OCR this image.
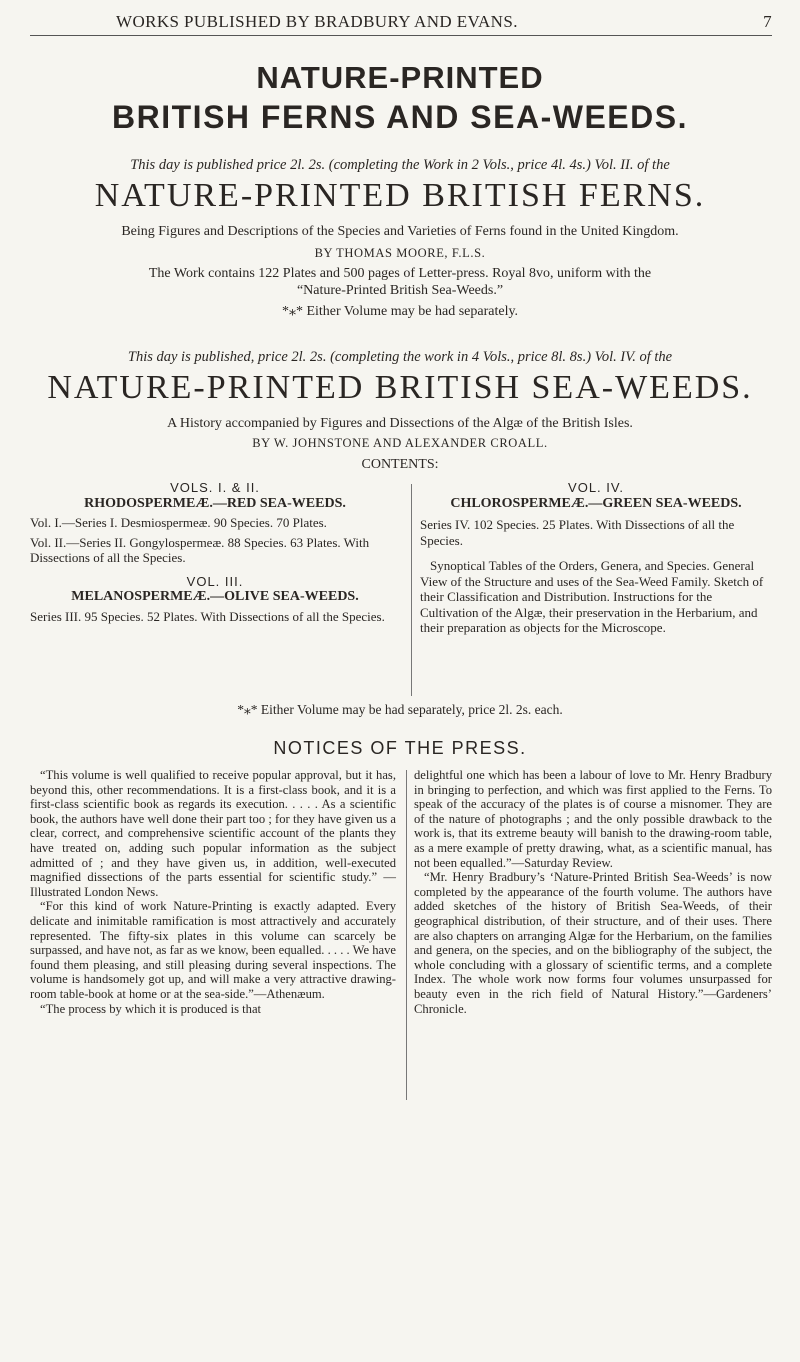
WORKS PUBLISHED BY BRADBURY AND EVANS.	7
NATURE-PRINTED
BRITISH FERNS AND SEA-WEEDS.
This day is published price 2l. 2s. (completing the Work in 2 Vols., price 4l. 4s.) Vol. II. of the
NATURE-PRINTED BRITISH FERNS.
Being Figures and Descriptions of the Species and Varieties of Ferns found in the United Kingdom.
BY THOMAS MOORE, F.L.S.
The Work contains 122 Plates and 500 pages of Letter-press. Royal 8vo, uniform with the
“Nature-Printed British Sea-Weeds.”
*⁎* Either Volume may be had separately.
This day is published, price 2l. 2s. (completing the work in 4 Vols., price 8l. 8s.) Vol. IV. of the
NATURE-PRINTED BRITISH SEA-WEEDS.
A History accompanied by Figures and Dissections of the Algæ of the British Isles.
BY W. JOHNSTONE AND ALEXANDER CROALL.
CONTENTS:

VOLS. I. & II.

RHODOSPERMEÆ.—RED SEA-WEEDS.

Vol. I.—Series I. Desmiospermeæ. 90 Species. 70 Plates.

Vol. II.—Series II. Gongylospermeæ. 88 Species. 63 Plates. With Dissections of all the Species.

VOL. III.

MELANOSPERMEÆ.—OLIVE SEA-WEEDS.

Series III. 95 Species. 52 Plates. With Dissections of all the Species.

VOL. IV.

CHLOROSPERMEÆ.—GREEN SEA-WEEDS.

Series IV. 102 Species. 25 Plates. With Dissections of all the Species.

Synoptical Tables of the Orders, Genera, and Species. General View of the Structure and uses of the Sea-Weed Family. Sketch of their Classification and Distribution. Instructions for the Cultivation of the Algæ, their preservation in the Herbarium, and their preparation as objects for the Microscope.

*⁎* Either Volume may be had separately, price 2l. 2s. each.
NOTICES OF THE PRESS.

“This volume is well qualified to receive popular approval, but it has, beyond this, other recommendations. It is a first-class book, and it is a first-class scientific book as regards its execution. . . . . As a scientific book, the authors have well done their part too ; for they have given us a clear, correct, and comprehensive scientific account of the plants they have treated on, adding such popular information as the subject admitted of ; and they have given us, in addition, well-executed magnified dissections of the parts essential for scientific study.” —Illustrated London News.

“For this kind of work Nature-Printing is exactly adapted. Every delicate and inimitable ramification is most attractively and accurately represented. The fifty-six plates in this volume can scarcely be surpassed, and have not, as far as we know, been equalled. . . . . We have found them pleasing, and still pleasing during several inspections. The volume is handsomely got up, and will make a very attractive drawing-room table-book at home or at the sea-side.”—Athenæum.

“The process by which it is produced is that

delightful one which has been a labour of love to Mr. Henry Bradbury in bringing to perfection, and which was first applied to the Ferns. To speak of the accuracy of the plates is of course a misnomer. They are of the nature of photographs ; and the only possible drawback to the work is, that its extreme beauty will banish to the drawing-room table, as a mere example of pretty drawing, what, as a scientific manual, has not been equalled.”—Saturday Review.

“Mr. Henry Bradbury’s ‘Nature-Printed British Sea-Weeds’ is now completed by the appearance of the fourth volume. The authors have added sketches of the history of British Sea-Weeds, of their geographical distribution, of their structure, and of their uses. There are also chapters on arranging Algæ for the Herbarium, on the families and genera, on the species, and on the bibliography of the subject, the whole concluding with a glossary of scientific terms, and a complete Index. The whole work now forms four volumes unsurpassed for beauty even in the rich field of Natural History.”—Gardeners’ Chronicle.
